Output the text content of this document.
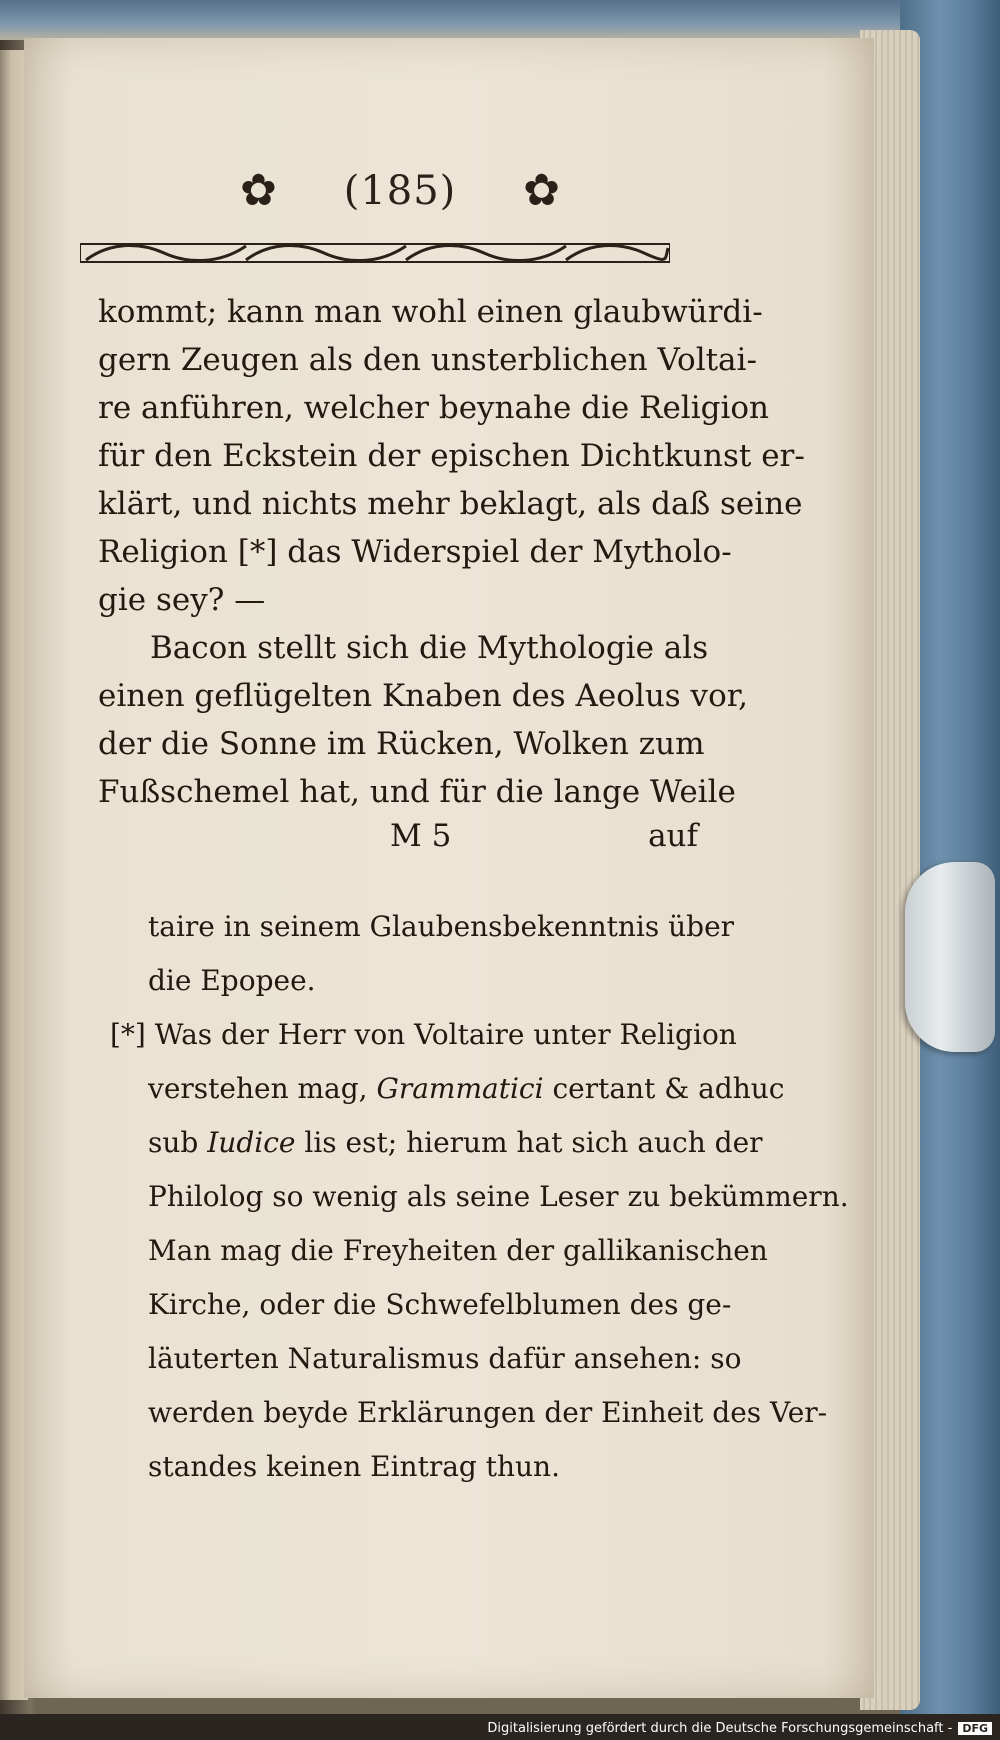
✿ (185) ✿
kommt; kann man wohl einen glaubwürdi-
gern Zeugen als den unsterblichen Voltai-
re anführen, welcher beynahe die Religion
für den Eckstein der epischen Dichtkunst er-
klärt, und nichts mehr beklagt, als daß seine
Religion [*] das Widerspiel der Mytholo-
gie sey? —
Bacon stellt sich die Mythologie als
einen geflügelten Knaben des Aeolus vor,
der die Sonne im Rücken, Wolken zum
Fußschemel hat, und für die lange Weile
M 5	auf
taire in seinem Glaubensbekenntnis über
die Epopee.
[*] Was der Herr von Voltaire unter Religion
verstehen mag, Grammatici certant & adhuc
sub Iudice lis est; hierum hat sich auch der
Philolog so wenig als seine Leser zu bekümmern.
Man mag die Freyheiten der gallikanischen
Kirche, oder die Schwefelblumen des ge-
läuterten Naturalismus dafür ansehen: so
werden beyde Erklärungen der Einheit des Ver-
standes keinen Eintrag thun.
Digitalisierung gefördert durch die Deutsche Forschungsgemeinschaft - DFG
